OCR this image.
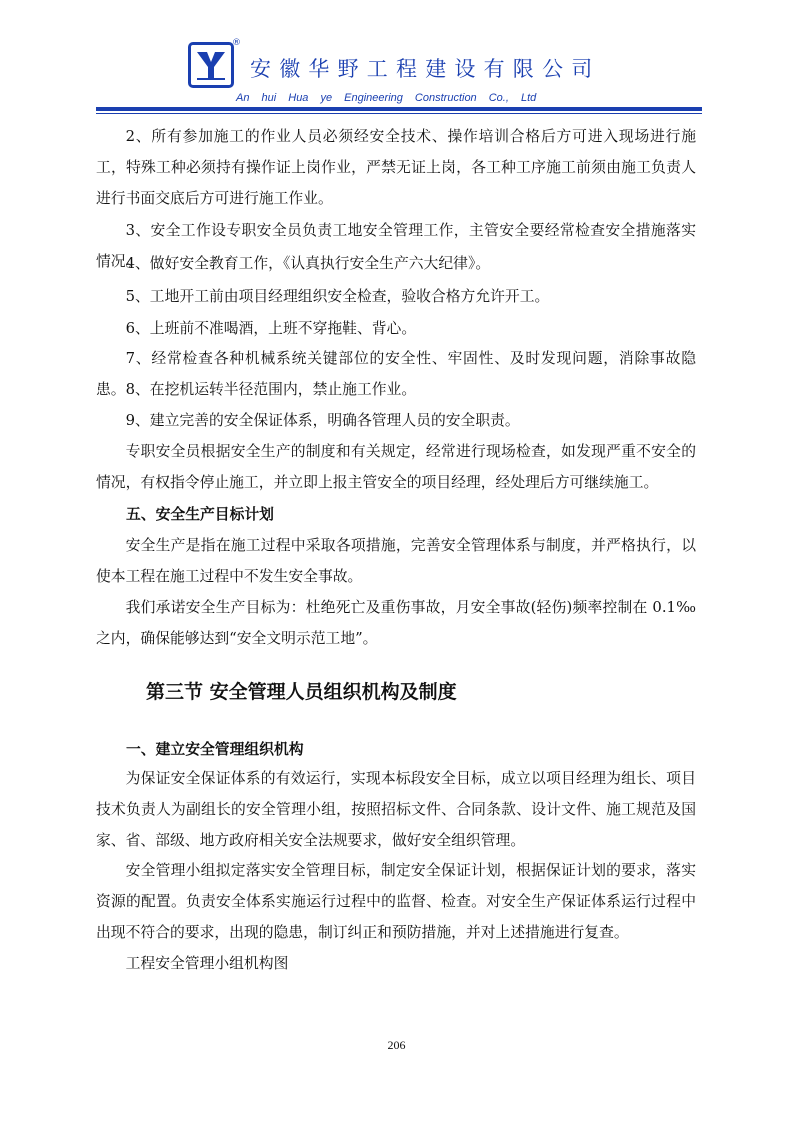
®
安徽华野工程建设有限公司
An hui Hua ye Engineering Construction Co., Ltd

2、所有参加施工的作业人员必须经安全技术、操作培训合格后方可进入现场进行施工，特殊工种必须持有操作证上岗作业，严禁无证上岗，各工种工序施工前须由施工负责人进行书面交底后方可进行施工作业。

3、安全工作设专职安全员负责工地安全管理工作，主管安全要经常检查安全措施落实情况。

4、做好安全教育工作，《认真执行安全生产六大纪律》。

5、工地开工前由项目经理组织安全检查，验收合格方允许开工。

6、上班前不准喝酒，上班不穿拖鞋、背心。

7、经常检查各种机械系统关键部位的安全性、牢固性、及时发现问题，消除事故隐患。 8、在挖机运转半径范围内，禁止施工作业。

9、建立完善的安全保证体系，明确各管理人员的安全职责。

专职安全员根据安全生产的制度和有关规定，经常进行现场检查，如发现严重不安全的情况，有权指令停止施工，并立即上报主管安全的项目经理，经处理后方可继续施工。

五、安全生产目标计划

安全生产是指在施工过程中采取各项措施，完善安全管理体系与制度，并严格执行，以使本工程在施工过程中不发生安全事故。

我们承诺安全生产目标为：杜绝死亡及重伤事故，月安全事故(轻伤)频率控制在 0.1‰之内，确保能够达到“安全文明示范工地”。

第三节 安全管理人员组织机构及制度
一、建立安全管理组织机构

为保证安全保证体系的有效运行，实现本标段安全目标，成立以项目经理为组长、项目技术负责人为副组长的安全管理小组，按照招标文件、合同条款、设计文件、施工规范及国家、省、部级、地方政府相关安全法规要求，做好安全组织管理。

安全管理小组拟定落实安全管理目标，制定安全保证计划，根据保证计划的要求，落实资源的配置。负责安全体系实施运行过程中的监督、检查。对安全生产保证体系运行过程中出现不符合的要求，出现的隐患，制订纠正和预防措施，并对上述措施进行复查。

工程安全管理小组机构图

206
